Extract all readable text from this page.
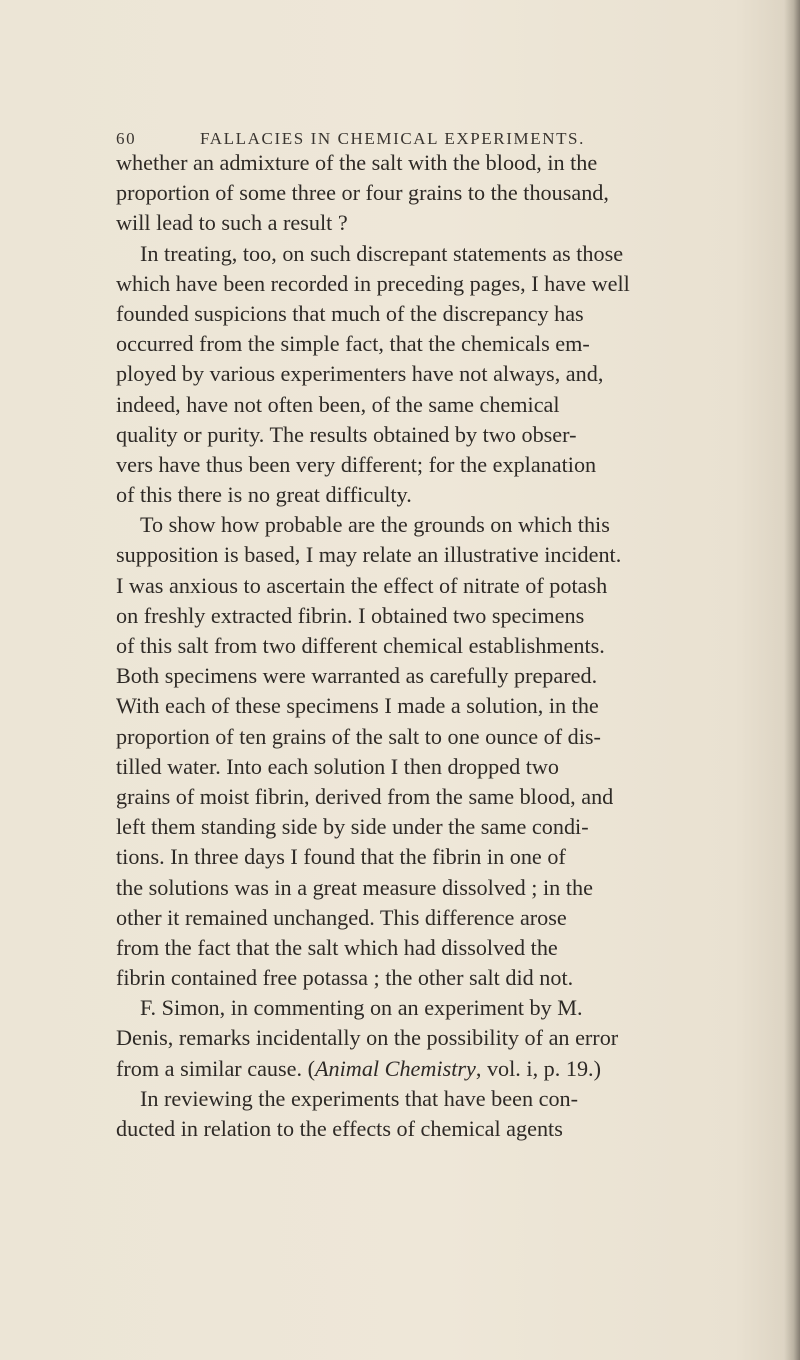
60	FALLACIES IN CHEMICAL EXPERIMENTS.
whether an admixture of the salt with the blood, in the
proportion of some three or four grains to the thousand,
will lead to such a result ?
In treating, too, on such discrepant statements as those
which have been recorded in preceding pages, I have well
founded suspicions that much of the discrepancy has
occurred from the simple fact, that the chemicals em-
ployed by various experimenters have not always, and,
indeed, have not often been, of the same chemical
quality or purity. The results obtained by two obser-
vers have thus been very different; for the explanation
of this there is no great difficulty.
To show how probable are the grounds on which this
supposition is based, I may relate an illustrative incident.
I was anxious to ascertain the effect of nitrate of potash
on freshly extracted fibrin. I obtained two specimens
of this salt from two different chemical establishments.
Both specimens were warranted as carefully prepared.
With each of these specimens I made a solution, in the
proportion of ten grains of the salt to one ounce of dis-
tilled water. Into each solution I then dropped two
grains of moist fibrin, derived from the same blood, and
left them standing side by side under the same condi-
tions. In three days I found that the fibrin in one of
the solutions was in a great measure dissolved ; in the
other it remained unchanged. This difference arose
from the fact that the salt which had dissolved the
fibrin contained free potassa ; the other salt did not.
F. Simon, in commenting on an experiment by M.
Denis, remarks incidentally on the possibility of an error
from a similar cause. (Animal Chemistry, vol. i, p. 19.)
In reviewing the experiments that have been con-
ducted in relation to the effects of chemical agents
